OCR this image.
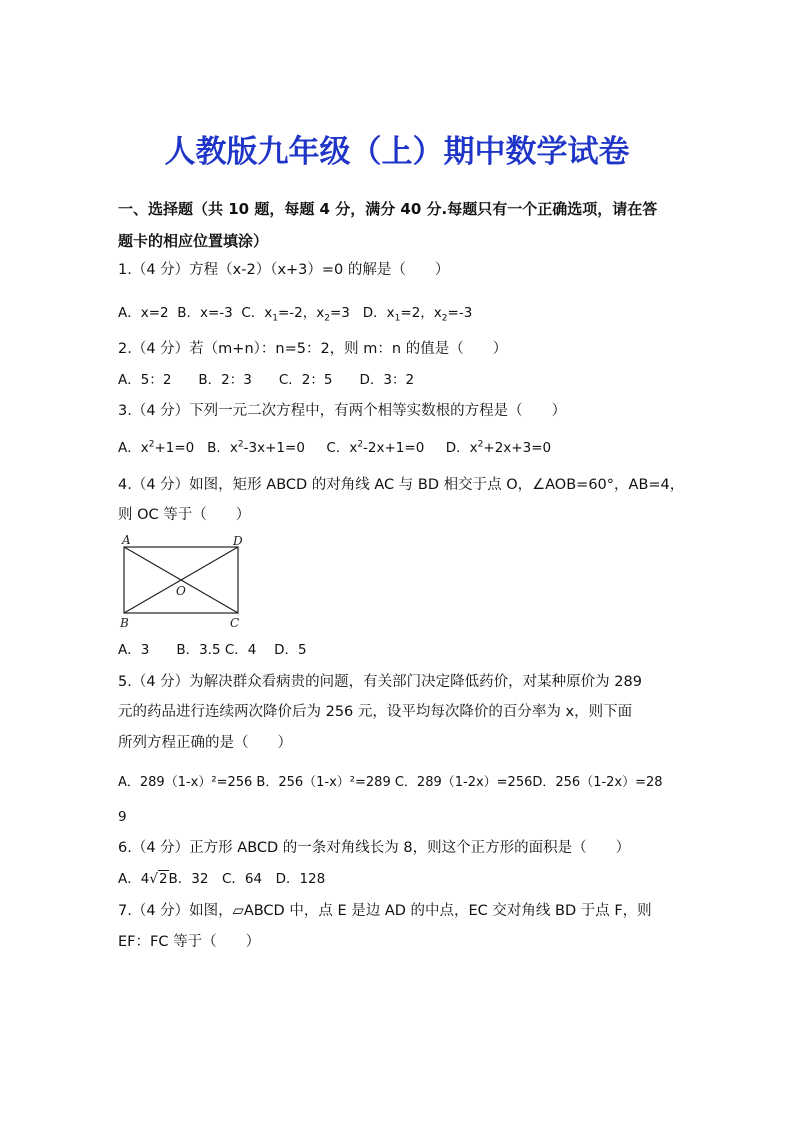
人教版九年级（上）期中数学试卷
一、选择题（共 10 题，每题 4 分，满分 40 分.每题只有一个正确选项，请在答
题卡的相应位置填涂）
1.（4 分）方程（x-2）（x+3）=0 的解是（　　）
A．x=2 B．x=-3 C．$x_1=-2$，$x_2=3$ D．$x_1=2$，$x_2=-3$
2.（4 分）若（m+n）：n=5：2，则 m：n 的值是（　　）
A．5：2　　B．2：3　　C．2：5　　D．3：2
3.（4 分）下列一元二次方程中，有两个相等实数根的方程是（　　）
A．$x^2+1=0$ B．$x^2-3x+1=0$ C．$x^2-2x+1=0$ D．$x^2+2x+3=0$
4.（4 分）如图，矩形 ABCD 的对角线 AC 与 BD 相交于点 O，∠AOB=60°，AB=4，
则 OC 等于（　　）
A	D
B	C
O
A．3　　B．3.5 C．4　 D．5
5.（4 分）为解决群众看病贵的问题，有关部门决定降低药价，对某种原价为 289
元的药品进行连续两次降价后为 256 元，设平均每次降价的百分率为 x，则下面
所列方程正确的是（　　）
A．289（1-x）²=256 B．256（1-x）²=289 C．289（1-2x）=256D．256（1-2x）=28
9
6.（4 分）正方形 ABCD 的一条对角线长为 8，则这个正方形的面积是（　　）
A．4√2B．32　C．64　D．128
7.（4 分）如图，▱ABCD 中，点 E 是边 AD 的中点，EC 交对角线 BD 于点 F，则
EF：FC 等于（　　）
